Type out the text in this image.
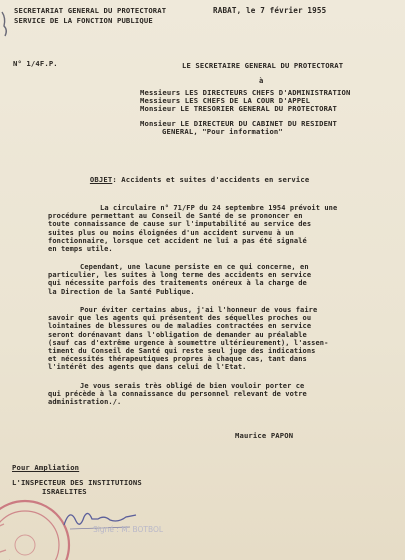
SECRETARIAT GENERAL DU PROTECTORAT
SERVICE DE LA FONCTION PUBLIQUE
RABAT, le 7 février 1955
N° 1/4F.P.	LE SECRETAIRE GENERAL DU PROTECTORAT
à
Messieurs LES DIRECTEURS CHEFS D'ADMINISTRATION
Messieurs LES CHEFS DE LA COUR D'APPEL
Monsieur LE TRESORIER GENERAL DU PROTECTORAT
Monsieur LE DIRECTEUR DU CABINET DU RESIDENT
GENERAL, "Pour information"

OBJET: Accidents et suites d'accidents en service

La circulaire n° 71/FP du 24 septembre 1954 prévoit une
procédure permettant au Conseil de Santé de se prononcer en
toute connaissance de cause sur l'imputabilité au service des
suites plus ou moins éloignées d'un accident survenu à un
fonctionnaire, lorsque cet accident ne lui a pas été signalé
en temps utile.
Cependant, une lacune persiste en ce qui concerne, en
particulier, les suites à long terme des accidents en service
qui nécessite parfois des traitements onéreux à la charge de
la Direction de la Santé Publique.
Pour éviter certains abus, j'ai l'honneur de vous faire
savoir que les agents qui présentent des séquelles proches ou
lointaines de blessures ou de maladies contractées en service
seront dorénavant dans l'obligation de demander au préalable
(sauf cas d'extrême urgence à soumettre ultérieurement), l'assen-
timent du Conseil de Santé qui reste seul juge des indications
et nécessités thérapeutiques propres à chaque cas, tant dans
l'intérêt des agents que dans celui de l'Etat.
Je vous serais très obligé de bien vouloir porter ce
qui précède à la connaissance du personnel relevant de votre
administration./.
Maurice PAPON
Pour Ampliation
L'INSPECTEUR DES INSTITUTIONS
ISRAELITES
Signé : M. BOTBOL
